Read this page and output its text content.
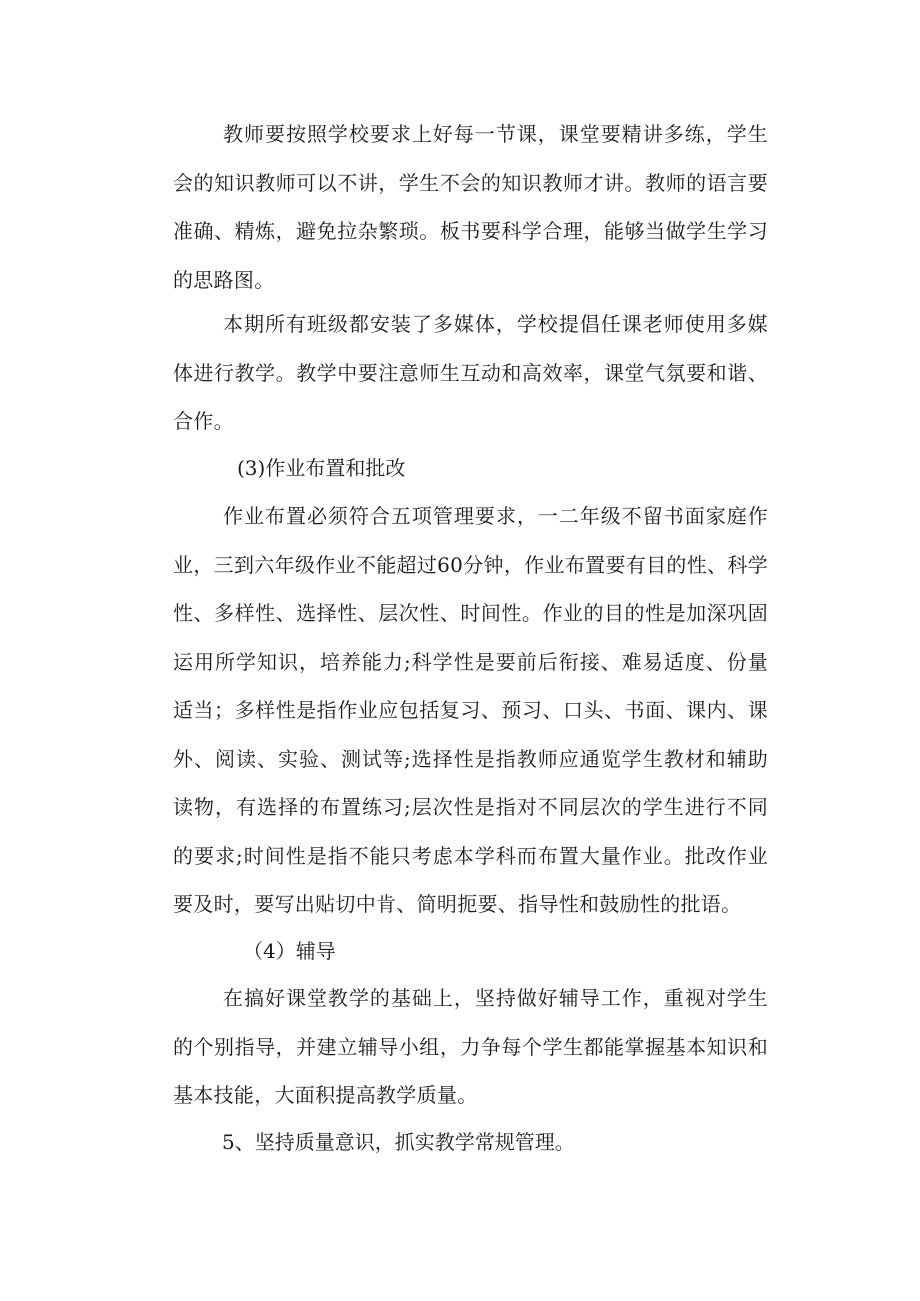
教师要按照学校要求上好每一节课，课堂要精讲多练，学生会的知识教师可以不讲，学生不会的知识教师才讲。教师的语言要准确、精炼，避免拉杂繁琐。板书要科学合理，能够当做学生学习的思路图。

本期所有班级都安装了多媒体，学校提倡任课老师使用多媒体进行教学。教学中要注意师生互动和高效率，课堂气氛要和谐、合作。

(3)作业布置和批改

作业布置必须符合五项管理要求，一二年级不留书面家庭作业，三到六年级作业不能超过60分钟，作业布置要有目的性、科学性、多样性、选择性、层次性、时间性。作业的目的性是加深巩固运用所学知识，培养能力;科学性是要前后衔接、难易适度、份量适当；多样性是指作业应包括复习、预习、口头、书面、课内、课外、阅读、实验、测试等;选择性是指教师应通览学生教材和辅助读物，有选择的布置练习;层次性是指对不同层次的学生进行不同的要求;时间性是指不能只考虑本学科而布置大量作业。批改作业要及时，要写出贴切中肯、简明扼要、指导性和鼓励性的批语。

（4）辅导

在搞好课堂教学的基础上，坚持做好辅导工作，重视对学生的个别指导，并建立辅导小组，力争每个学生都能掌握基本知识和基本技能，大面积提高教学质量。

5、坚持质量意识，抓实教学常规管理。
